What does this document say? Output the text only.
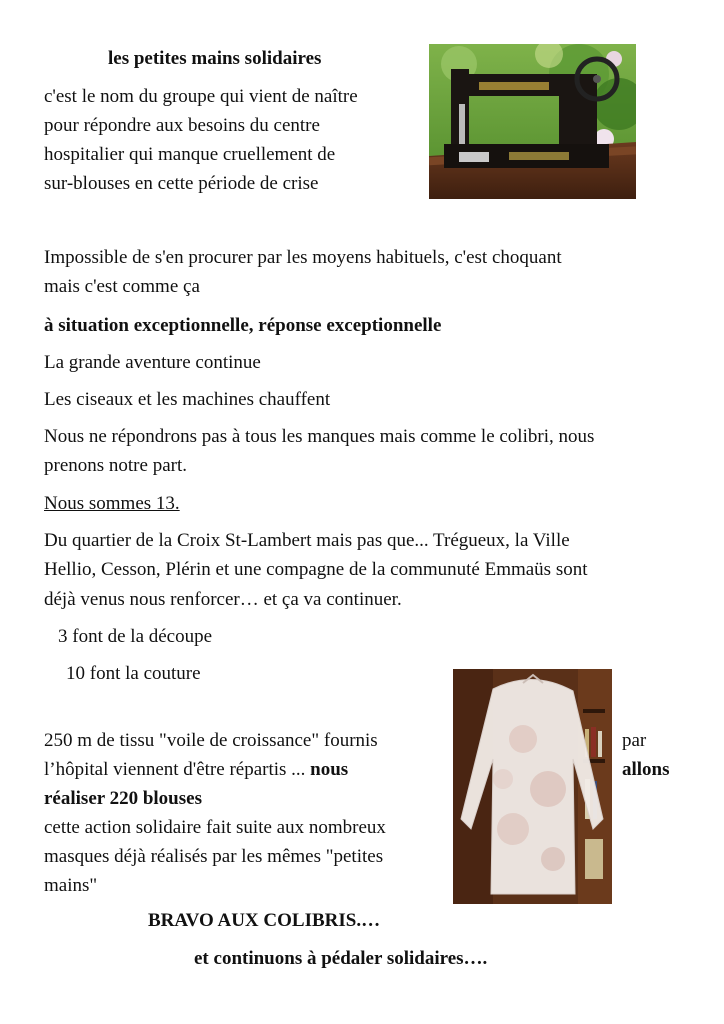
les petites mains solidaires
c'est le nom du groupe qui vient de naître
pour répondre aux besoins du centre
hospitalier qui manque cruellement de
sur-blouses en cette période de crise
Impossible de s'en procurer par les moyens habituels, c'est choquant
mais c'est comme ça
à situation exceptionnelle, réponse exceptionnelle
La grande aventure continue
Les ciseaux et les machines chauffent
Nous ne répondrons pas à tous les manques mais comme le colibri, nous
prenons notre part.
Nous sommes 13.
Du quartier de la Croix St-Lambert mais pas que... Trégueux, la Ville
Hellio, Cesson, Plérin et une compagne de la communuté Emmaüs sont
déjà venus nous renforcer… et ça va continuer.
3 font de la découpe
10 font la couture
250 m de tissu "voile de croissance" fournis	par
l’hôpital viennent d'être répartis ... nous	allons
réaliser 220 blouses
cette action solidaire fait suite aux nombreux
masques déjà réalisés par les mêmes "petites
mains"
BRAVO AUX COLIBRIS.…
et continuons à pédaler solidaires….
